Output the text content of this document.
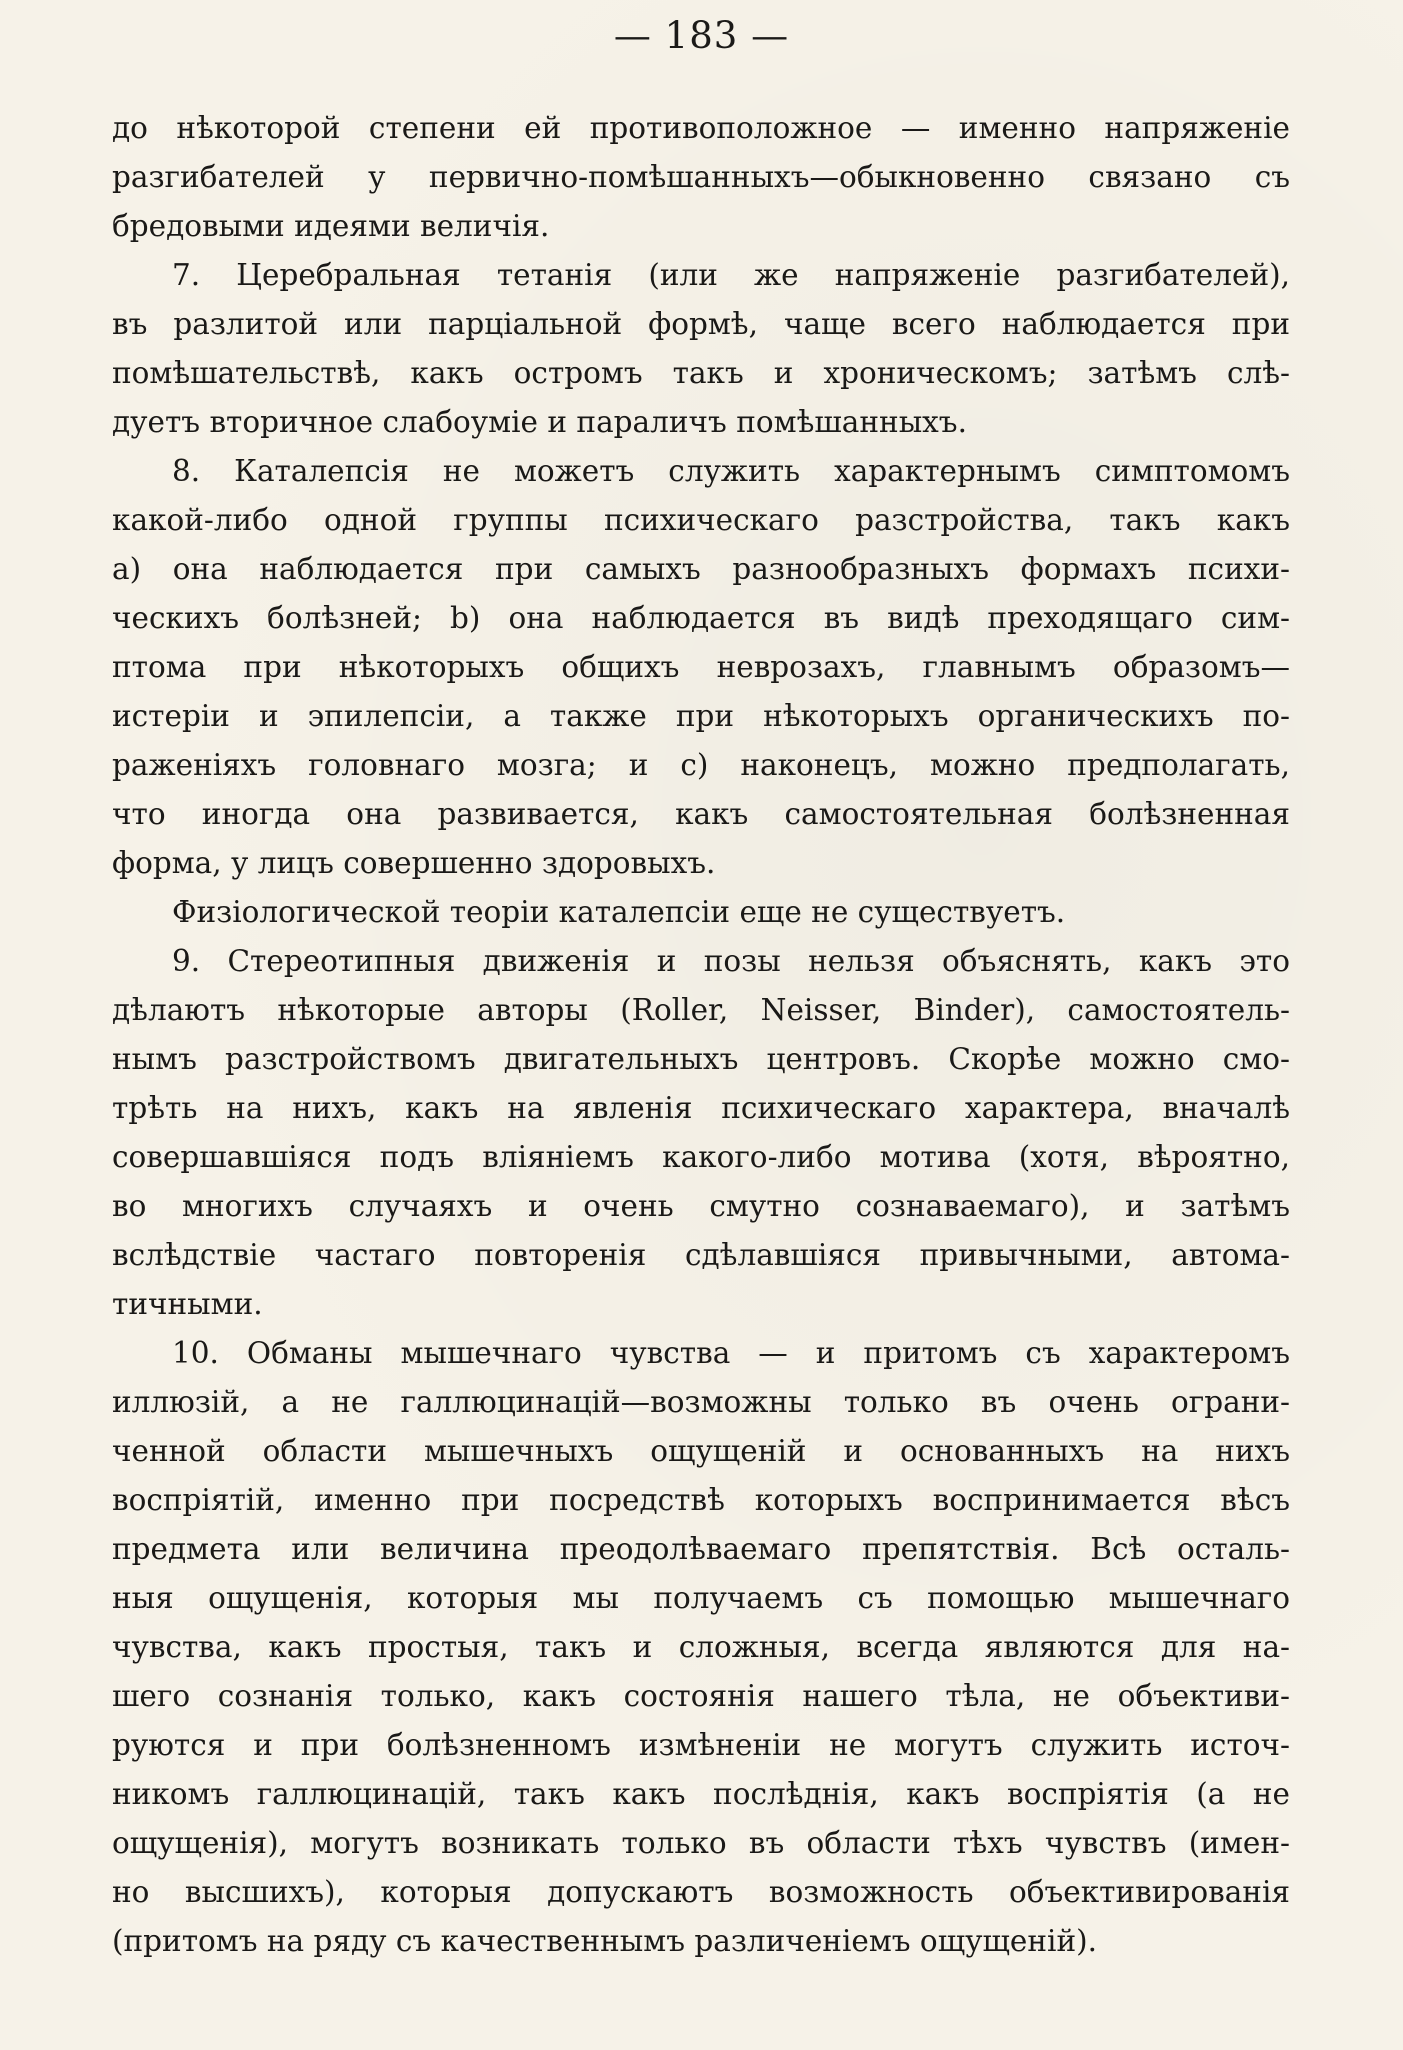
— 183 —
до нѣкоторой степени ей противоположное — именно напряженіе
разгибателей у первично-помѣшанныхъ—обыкновенно связано съ
бредовыми идеями величія.
7. Церебральная тетанія (или же напряженіе разгибателей),
въ разлитой или парціальной формѣ, чаще всего наблюдается при
помѣшательствѣ, какъ остромъ такъ и хроническомъ; затѣмъ слѣ-
дуетъ вторичное слабоуміе и параличъ помѣшанныхъ.
8. Каталепсія не можетъ служить характернымъ симптомомъ
какой-либо одной группы психическаго разстройства, такъ какъ
a) она наблюдается при самыхъ разнообразныхъ формахъ психи-
ческихъ болѣзней; b) она наблюдается въ видѣ преходящаго сим-
птома при нѣкоторыхъ общихъ неврозахъ, главнымъ образомъ—
истеріи и эпилепсіи, а также при нѣкоторыхъ органическихъ по-
раженіяхъ головнаго мозга; и c) наконецъ, можно предполагать,
что иногда она развивается, какъ самостоятельная болѣзненная
форма, у лицъ совершенно здоровыхъ.
Физіологической теоріи каталепсіи еще не существуетъ.
9. Стереотипныя движенія и позы нельзя объяснять, какъ это
дѣлаютъ нѣкоторые авторы (Roller, Neisser, Binder), самостоятель-
нымъ разстройствомъ двигательныхъ центровъ. Скорѣе можно смо-
трѣть на нихъ, какъ на явленія психическаго характера, вначалѣ
совершавшіяся подъ вліяніемъ какого-либо мотива (хотя, вѣроятно,
во многихъ случаяхъ и очень смутно сознаваемаго), и затѣмъ
вслѣдствіе частаго повторенія сдѣлавшіяся привычными, автома-
тичными.
10. Обманы мышечнаго чувства — и притомъ съ характеромъ
иллюзій, а не галлюцинацій—возможны только въ очень ограни-
ченной области мышечныхъ ощущеній и основанныхъ на нихъ
воспріятій, именно при посредствѣ которыхъ воспринимается вѣсъ
предмета или величина преодолѣваемаго препятствія. Всѣ осталь-
ныя ощущенія, которыя мы получаемъ съ помощью мышечнаго
чувства, какъ простыя, такъ и сложныя, всегда являются для на-
шего сознанія только, какъ состоянія нашего тѣла, не объективи-
руются и при болѣзненномъ измѣненіи не могутъ служить источ-
никомъ галлюцинацій, такъ какъ послѣднія, какъ воспріятія (а не
ощущенія), могутъ возникать только въ области тѣхъ чувствъ (имен-
но высшихъ), которыя допускаютъ возможность объективированія
(притомъ на ряду съ качественнымъ различеніемъ ощущеній).
